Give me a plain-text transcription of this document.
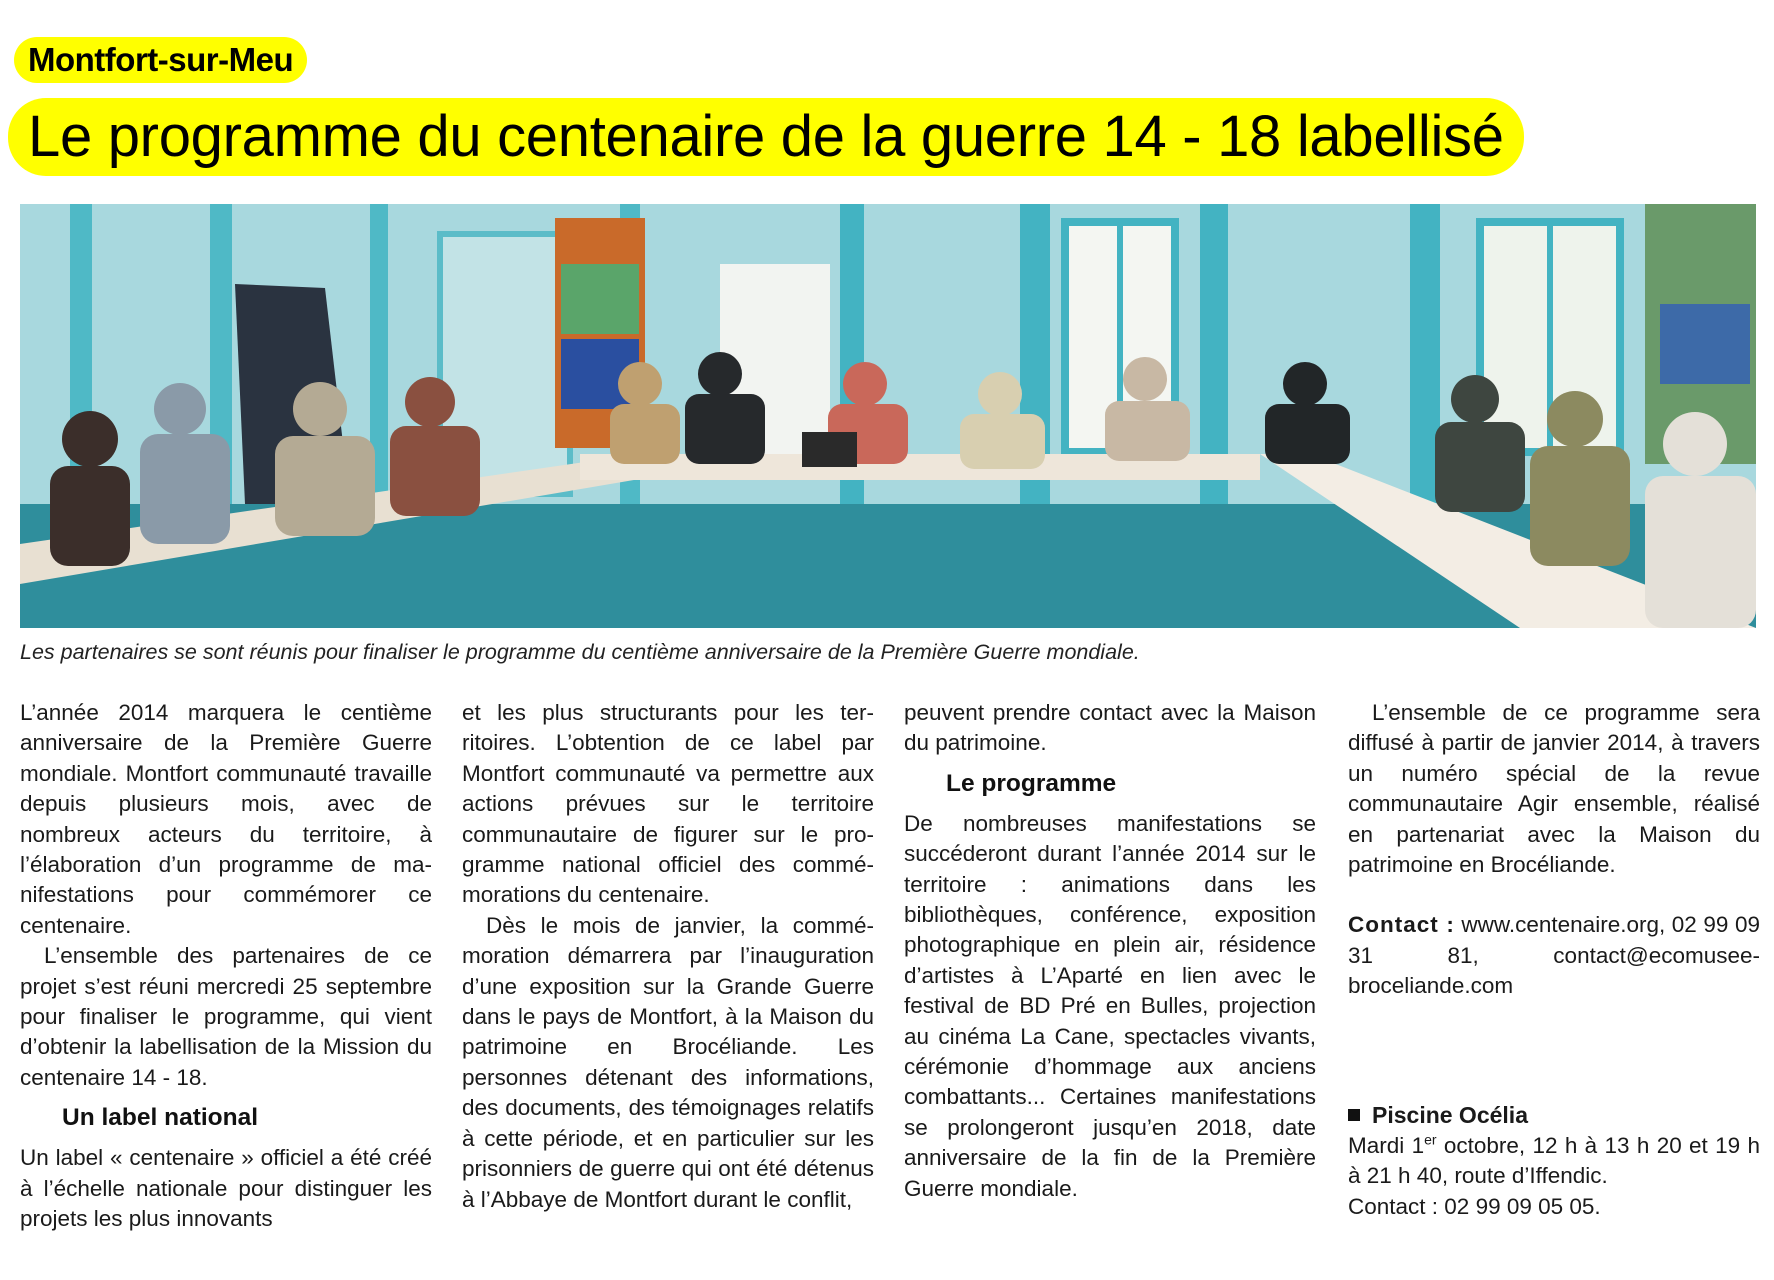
Montfort-sur-Meu
Le programme du centenaire de la guerre 14 - 18 labellisé
Les partenaires se sont réunis pour finaliser le programme du centième anniversaire de la Première Guerre mondiale.

L’année 2014 marquera le centième anniversaire de la Première Guerre mondiale. Montfort communauté travaille depuis plusieurs mois, avec de nombreux acteurs du territoire, à l’élaboration d’un programme de manifestations pour commémorer ce centenaire.

L’ensemble des partenaires de ce projet s’est réuni mercredi 25 septembre pour finaliser le programme, qui vient d’obtenir la labellisation de la Mission du centenaire 14 - 18.

Un label national

Un label « centenaire » officiel a été créé à l’échelle nationale pour distinguer les projets les plus innovants

et les plus structurants pour les territoires. L’obtention de ce label par Montfort communauté va permettre aux actions prévues sur le territoire communautaire de figurer sur le programme national officiel des commémorations du centenaire.

Dès le mois de janvier, la commémoration démarrera par l’inauguration d’une exposition sur la Grande Guerre dans le pays de Montfort, à la Maison du patrimoine en Brocéliande. Les personnes détenant des informations, des documents, des témoignages relatifs à cette période, et en particulier sur les prisonniers de guerre qui ont été détenus à l’Abbaye de Montfort durant le conflit,

peuvent prendre contact avec la Maison du patrimoine.

Le programme

De nombreuses manifestations se succéderont durant l’année 2014 sur le territoire : animations dans les bibliothèques, conférence, exposition photographique en plein air, résidence d’artistes à L’Aparté en lien avec le festival de BD Pré en Bulles, projection au cinéma La Cane, spectacles vivants, cérémonie d’hommage aux anciens combattants... Certaines manifestations se prolongeront jusqu’en 2018, date anniversaire de la fin de la Première Guerre mondiale.

L’ensemble de ce programme sera diffusé à partir de janvier 2014, à travers un numéro spécial de la revue communautaire Agir ensemble, réalisé en partenariat avec la Maison du patrimoine en Brocéliande.

Contact : www.centenaire.org, 02 99 09 31 81, contact@ecomusee-broceliande.com

Piscine Océlia

Mardi 1er octobre, 12 h à 13 h 20 et 19 h à 21 h 40, route d’Iffendic.

Contact : 02 99 09 05 05.
